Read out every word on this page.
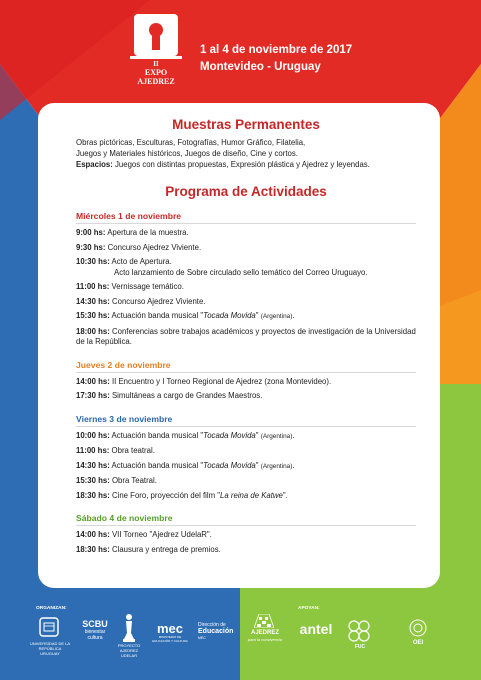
II
EXPO
AJEDREZ
1 al 4 de noviembre de 2017
Montevideo - Uruguay
Muestras Permanentes
Obras pictóricas, Esculturas, Fotografías, Humor Gráfico, Filatelia,
Juegos y Materiales históricos, Juegos de diseño, Cine y cortos.
Espacios: Juegos con distintas propuestas, Expresión plástica y Ajedrez y leyendas.
Programa de Actividades
Miércoles 1 de noviembre
9:00 hs: Apertura de la muestra.
9:30 hs: Concurso Ajedrez Viviente.
10:30 hs: Acto de Apertura.
Acto lanzamiento de Sobre circulado sello temático del Correo Uruguayo.
11:00 hs: Vernissage temático.
14:30 hs: Concurso Ajedrez Viviente.
15:30 hs: Actuación banda musical "Tocada Movida" (Argentina).
18:00 hs: Conferencias sobre trabajos académicos y proyectos de investigación de la Universidad de la República.
Jueves 2 de noviembre
14:00 hs: II Encuentro y I Torneo Regional de Ajedrez (zona Montevideo).
17:30 hs: Simultáneas a cargo de Grandes Maestros.
Viernes 3 de noviembre
10:00 hs: Actuación banda musical "Tocada Movida" (Argentina).
11:00 hs: Obra teatral.
14:30 hs: Actuación banda musical "Tocada Movida" (Argentina).
15:30 hs: Obra Teatral.
18:30 hs: Cine Foro, proyección del film "La reina de Katwe".
Sábado 4 de noviembre
14:00 hs: VII Torneo "Ajedrez UdelaR".
18:30 hs: Clausura y entrega de premios.
ORGANIZAN:	APOYAN:
UNIVERSIDAD DE LA REPÚBLICA URUGUAY
SCBU
bienestar
cultura
PROYECTO AJEDREZ UDELAR
mec
MINISTERIO DE EDUCACIÓN Y CULTURA
Dirección de
Educación
MEC
AJEDREZ
para la convivencia
antel
FUC
OEI
